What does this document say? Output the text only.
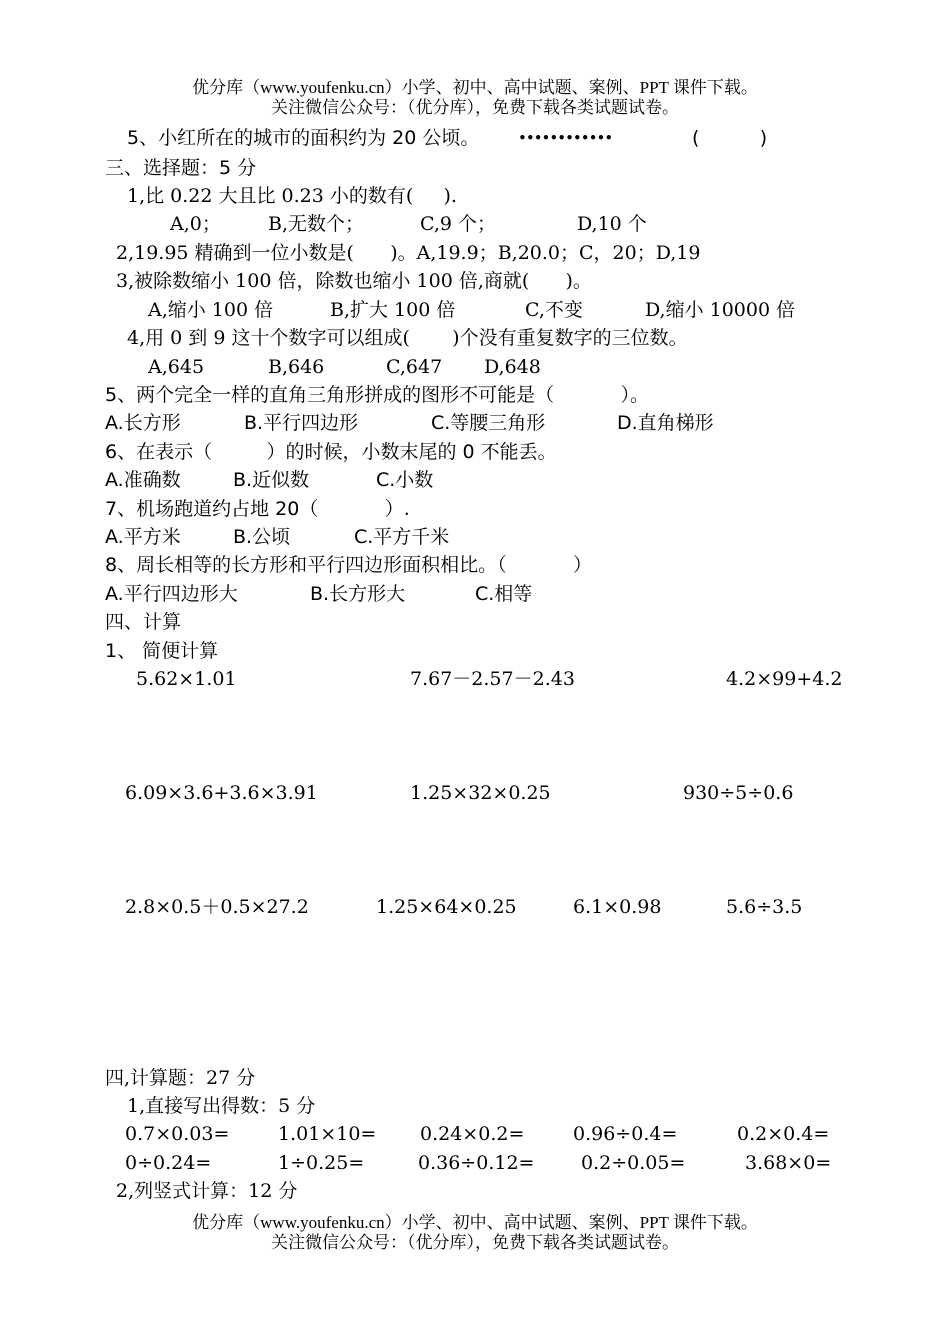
优分库（www.youfenku.cn）小学、初中、高中试题、案例、PPT 课件下载。
关注微信公众号：（优分库），免费下载各类试题试卷。
5、小红所在的城市的面积约为 20 公顷。	••••••••••••	(          )
三、选择题：5 分
1,比 0.22 大且比 0.23 小的数有(     ).
A,0； B,无数个；	C,9 个；	D,10 个
2,19.95 精确到一位小数是(      )。A,19.9；B,20.0；C，20；D,19
3,被除数缩小 100 倍，除数也缩小 100 倍,商就(      )。
A,缩小 100 倍	B,扩大 100 倍	C,不变	D,缩小 10000 倍
4,用 0 到 9 这十个数字可以组成(       )个没有重复数字的三位数。
A,645	B,646	C,647 D,648
5、两个完全一样的直角三角形拼成的图形不可能是（           ）。
A.长方形	B.平行四边形	C.等腰三角形	D.直角梯形
6、在表示（         ）的时候，小数末尾的 0 不能丢。
A.准确数	B.近似数	C.小数
7、机场跑道约占地 20（           ）.
A.平方米	B.公顷	C.平方千米
8、周长相等的长方形和平行四边形面积相比。（           ）
A.平行四边形大	B.长方形大	C.相等
四、计算
1、 简便计算
5.62×1.01	7.67－2.57－2.43	4.2×99+4.2
6.09×3.6+3.6×3.91	1.25×32×0.25	930÷5÷0.6
2.8×0.5＋0.5×27.2	1.25×64×0.25	6.1×0.98	5.6÷3.5
四,计算题：27 分
1,直接写出得数：5 分
0.7×0.03=	1.01×10= 0.24×0.2=	0.96÷0.4=	0.2×0.4=
0÷0.24=	1÷0.25=	0.36÷0.12= 0.2÷0.05=	3.68×0=
2,列竖式计算：12 分
优分库（www.youfenku.cn）小学、初中、高中试题、案例、PPT 课件下载。
关注微信公众号：（优分库），免费下载各类试题试卷。
